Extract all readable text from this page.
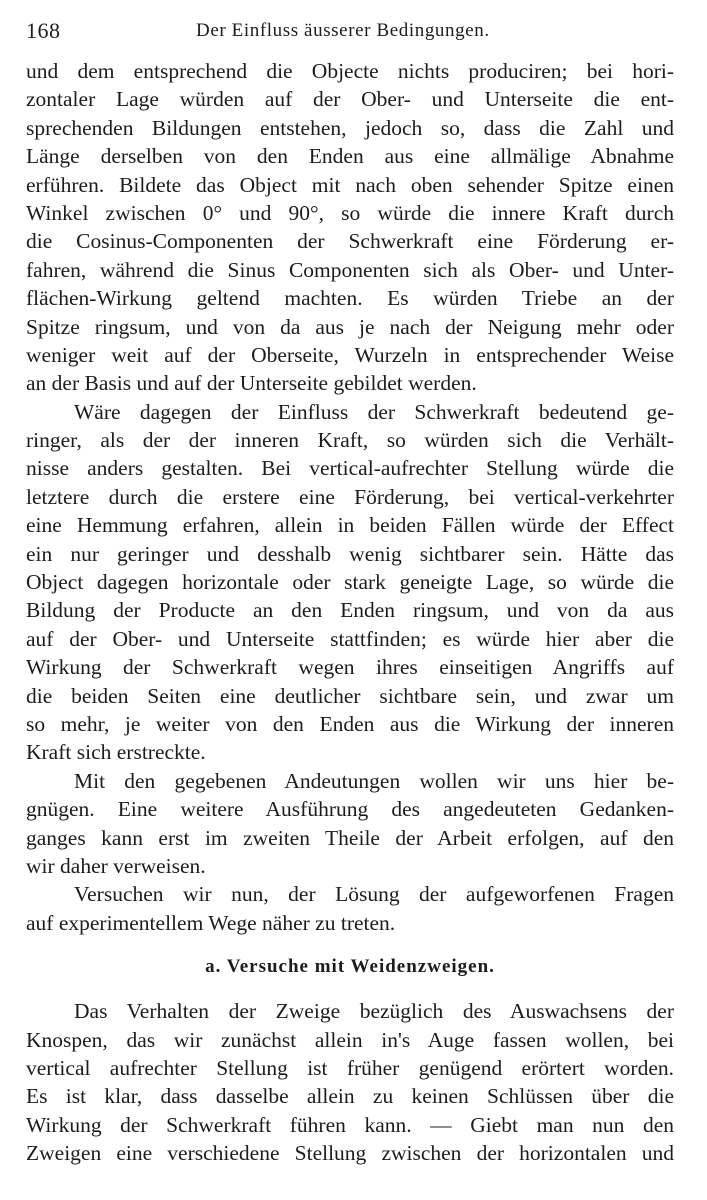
168	Der Einfluss äusserer Bedingungen.
und dem entsprechend die Objecte nichts produciren; bei hori-
zontaler Lage würden auf der Ober- und Unterseite die ent-
sprechenden Bildungen entstehen, jedoch so, dass die Zahl und
Länge derselben von den Enden aus eine allmälige Abnahme
erführen. Bildete das Object mit nach oben sehender Spitze einen
Winkel zwischen 0° und 90°, so würde die innere Kraft durch
die Cosinus-Componenten der Schwerkraft eine Förderung er-
fahren, während die Sinus Componenten sich als Ober- und Unter-
flächen-Wirkung geltend machten. Es würden Triebe an der
Spitze ringsum, und von da aus je nach der Neigung mehr oder
weniger weit auf der Oberseite, Wurzeln in entsprechender Weise
an der Basis und auf der Unterseite gebildet werden.
Wäre dagegen der Einfluss der Schwerkraft bedeutend ge-
ringer, als der der inneren Kraft, so würden sich die Verhält-
nisse anders gestalten. Bei vertical-aufrechter Stellung würde die
letztere durch die erstere eine Förderung, bei vertical-verkehrter
eine Hemmung erfahren, allein in beiden Fällen würde der Effect
ein nur geringer und desshalb wenig sichtbarer sein. Hätte das
Object dagegen horizontale oder stark geneigte Lage, so würde die
Bildung der Producte an den Enden ringsum, und von da aus
auf der Ober- und Unterseite stattfinden; es würde hier aber die
Wirkung der Schwerkraft wegen ihres einseitigen Angriffs auf
die beiden Seiten eine deutlicher sichtbare sein, und zwar um
so mehr, je weiter von den Enden aus die Wirkung der inneren
Kraft sich erstreckte.
Mit den gegebenen Andeutungen wollen wir uns hier be-
gnügen. Eine weitere Ausführung des angedeuteten Gedanken-
ganges kann erst im zweiten Theile der Arbeit erfolgen, auf den
wir daher verweisen.
Versuchen wir nun, der Lösung der aufgeworfenen Fragen
auf experimentellem Wege näher zu treten.
a. Versuche mit Weidenzweigen.
Das Verhalten der Zweige bezüglich des Auswachsens der
Knospen, das wir zunächst allein in's Auge fassen wollen, bei
vertical aufrechter Stellung ist früher genügend erörtert worden.
Es ist klar, dass dasselbe allein zu keinen Schlüssen über die
Wirkung der Schwerkraft führen kann. — Giebt man nun den
Zweigen eine verschiedene Stellung zwischen der horizontalen und
